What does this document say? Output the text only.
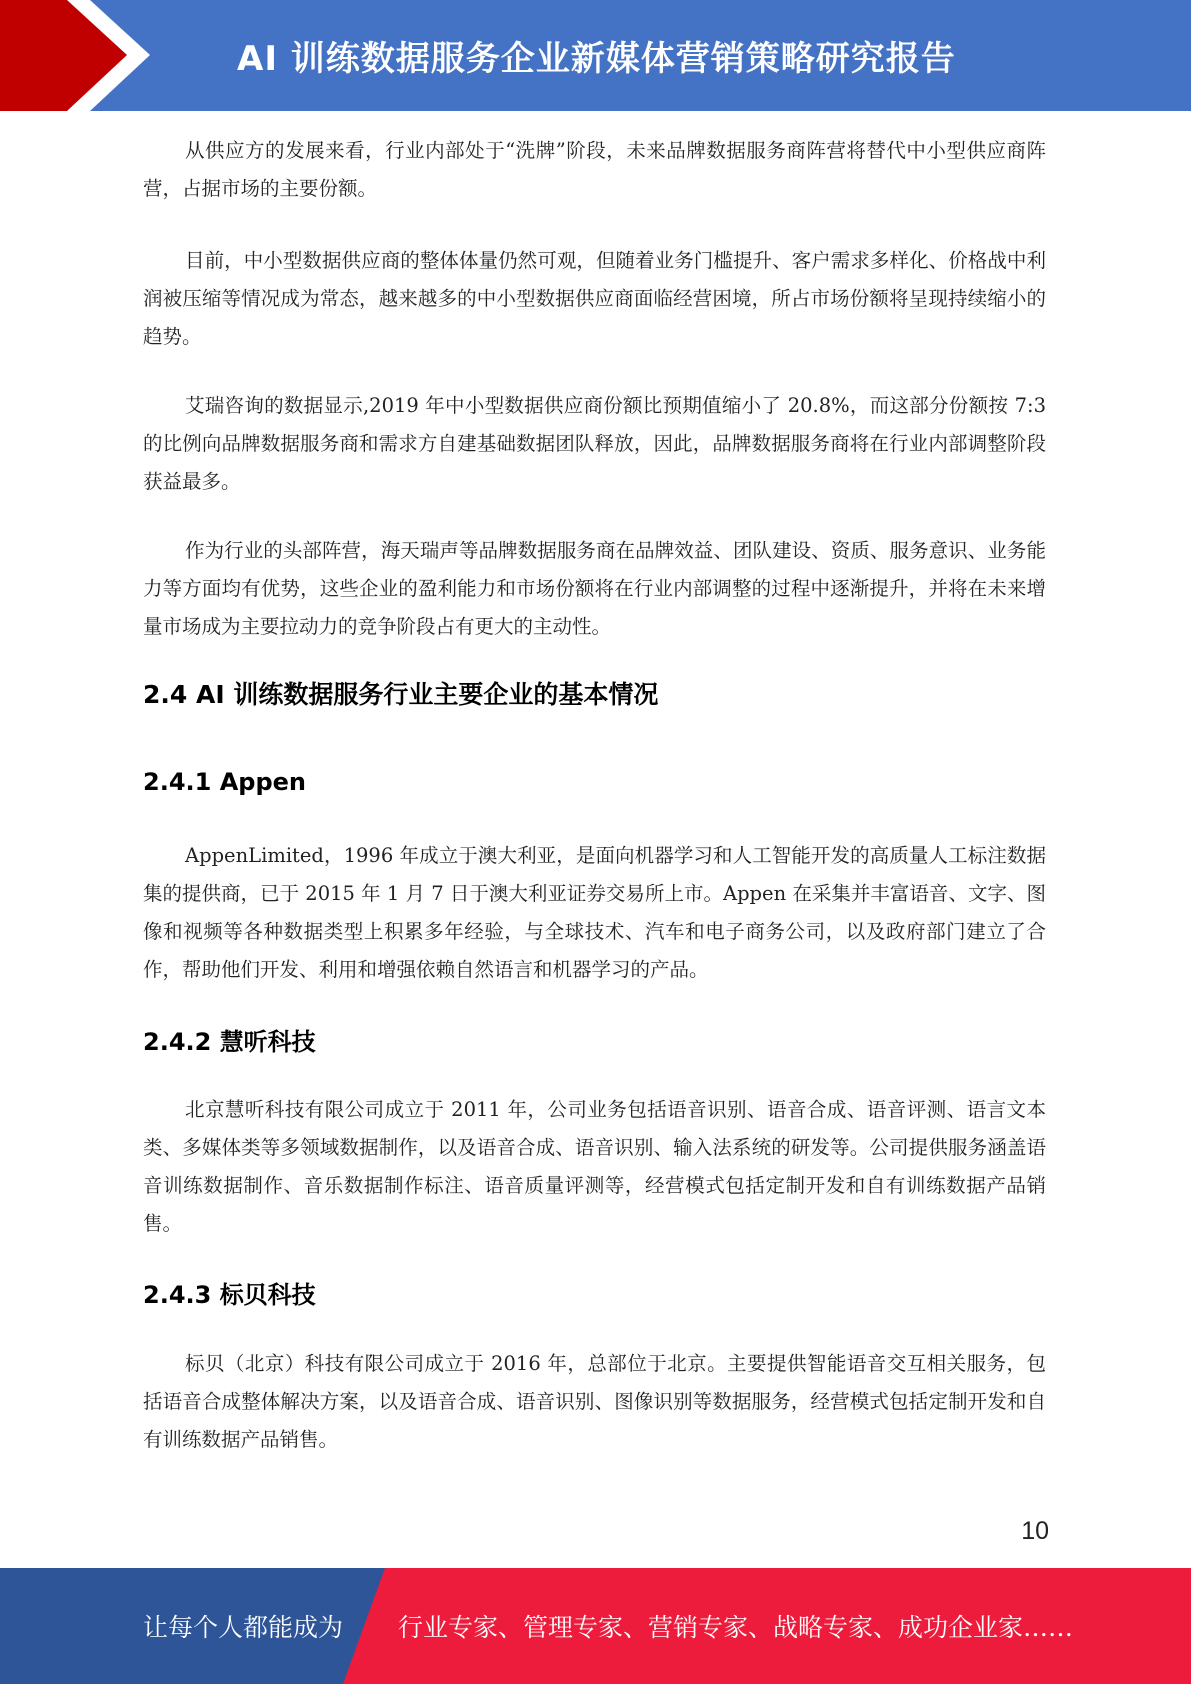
AI 训练数据服务企业新媒体营销策略研究报告

从供应方的发展来看，行业内部处于“洗牌”阶段，未来品牌数据服务商阵营将替代中小型供应商阵营，占据市场的主要份额。

目前，中小型数据供应商的整体体量仍然可观，但随着业务门槛提升、客户需求多样化、价格战中利润被压缩等情况成为常态，越来越多的中小型数据供应商面临经营困境，所占市场份额将呈现持续缩小的趋势。

艾瑞咨询的数据显示,2019 年中小型数据供应商份额比预期值缩小了 20.8%，而这部分份额按 7:3 的比例向品牌数据服务商和需求方自建基础数据团队释放，因此，品牌数据服务商将在行业内部调整阶段获益最多。

作为行业的头部阵营，海天瑞声等品牌数据服务商在品牌效益、团队建设、资质、服务意识、业务能力等方面均有优势，这些企业的盈利能力和市场份额将在行业内部调整的过程中逐渐提升，并将在未来增量市场成为主要拉动力的竞争阶段占有更大的主动性。

2.4 AI 训练数据服务行业主要企业的基本情况
2.4.1 Appen

AppenLimited，1996 年成立于澳大利亚，是面向机器学习和人工智能开发的高质量人工标注数据集的提供商，已于 2015 年 1 月 7 日于澳大利亚证券交易所上市。Appen 在采集并丰富语音、文字、图像和视频等各种数据类型上积累多年经验，与全球技术、汽车和电子商务公司，以及政府部门建立了合作，帮助他们开发、利用和增强依赖自然语言和机器学习的产品。

2.4.2 慧听科技

北京慧听科技有限公司成立于 2011 年，公司业务包括语音识别、语音合成、语音评测、语言文本类、多媒体类等多领域数据制作，以及语音合成、语音识别、输入法系统的研发等。公司提供服务涵盖语音训练数据制作、音乐数据制作标注、语音质量评测等，经营模式包括定制开发和自有训练数据产品销售。

2.4.3 标贝科技

标贝（北京）科技有限公司成立于 2016 年，总部位于北京。主要提供智能语音交互相关服务，包括语音合成整体解决方案，以及语音合成、语音识别、图像识别等数据服务，经营模式包括定制开发和自有训练数据产品销售。

10
让每个人都能成为 行业专家、管理专家、营销专家、战略专家、成功企业家……
